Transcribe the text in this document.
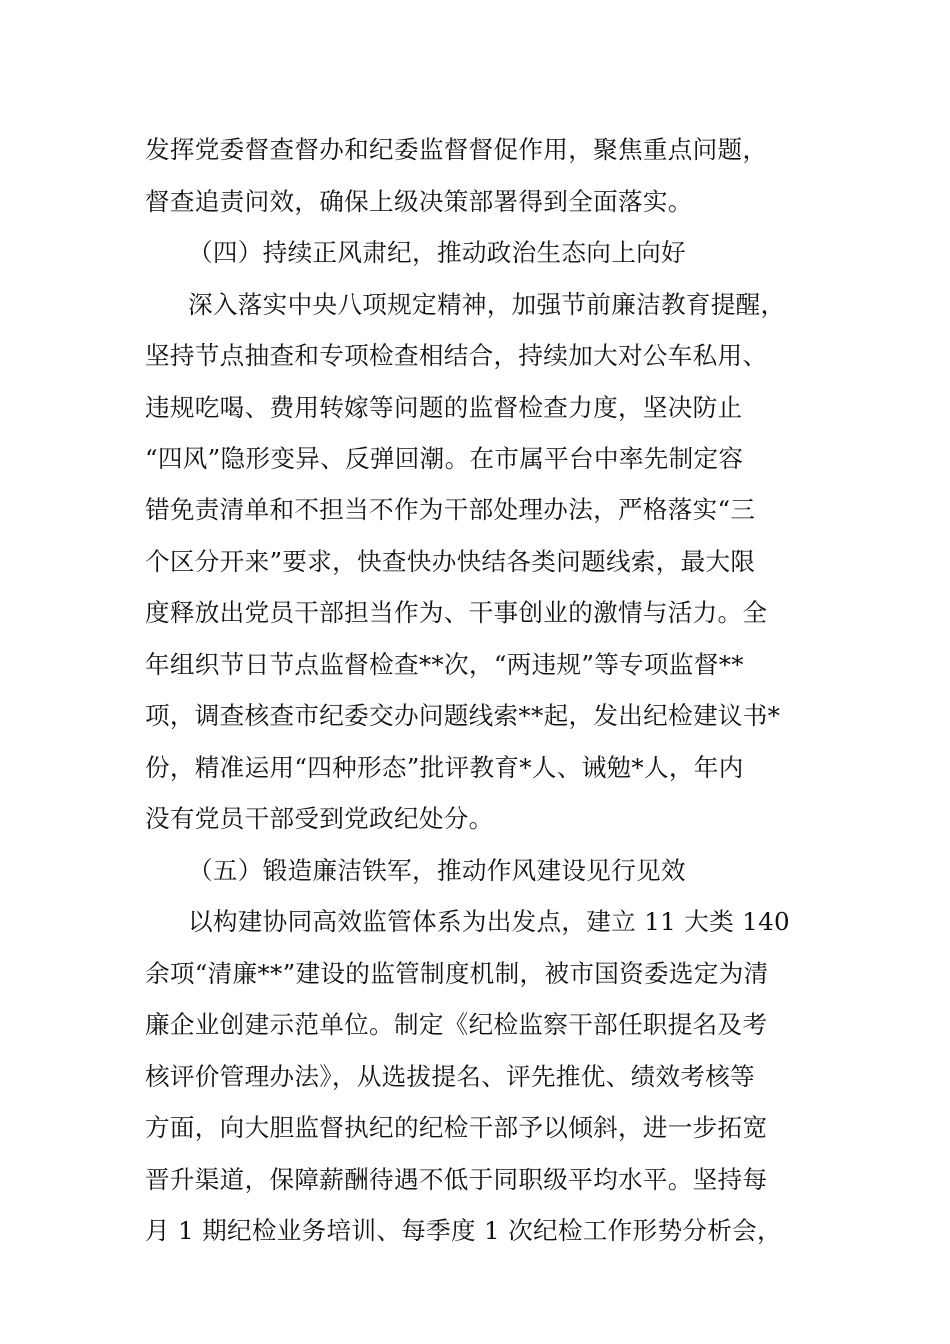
发挥党委督查督办和纪委监督督促作用，聚焦重点问题，
督查追责问效，确保上级决策部署得到全面落实。
（四）持续正风肃纪，推动政治生态向上向好
深入落实中央八项规定精神，加强节前廉洁教育提醒，
坚持节点抽查和专项检查相结合，持续加大对公车私用、
违规吃喝、费用转嫁等问题的监督检查力度，坚决防止
“四风”隐形变异、反弹回潮。在市属平台中率先制定容
错免责清单和不担当不作为干部处理办法，严格落实“三
个区分开来”要求，快查快办快结各类问题线索，最大限
度释放出党员干部担当作为、干事创业的激情与活力。全
年组织节日节点监督检查**次，“两违规”等专项监督**
项，调查核查市纪委交办问题线索**起，发出纪检建议书*
份，精准运用“四种形态”批评教育*人、诫勉*人，年内
没有党员干部受到党政纪处分。
（五）锻造廉洁铁军，推动作风建设见行见效
以构建协同高效监管体系为出发点，建立 11 大类 140
余项“清廉**”建设的监管制度机制，被市国资委选定为清
廉企业创建示范单位。制定《纪检监察干部任职提名及考
核评价管理办法》，从选拔提名、评先推优、绩效考核等
方面，向大胆监督执纪的纪检干部予以倾斜，进一步拓宽
晋升渠道，保障薪酬待遇不低于同职级平均水平。坚持每
月 1 期纪检业务培训、每季度 1 次纪检工作形势分析会，
